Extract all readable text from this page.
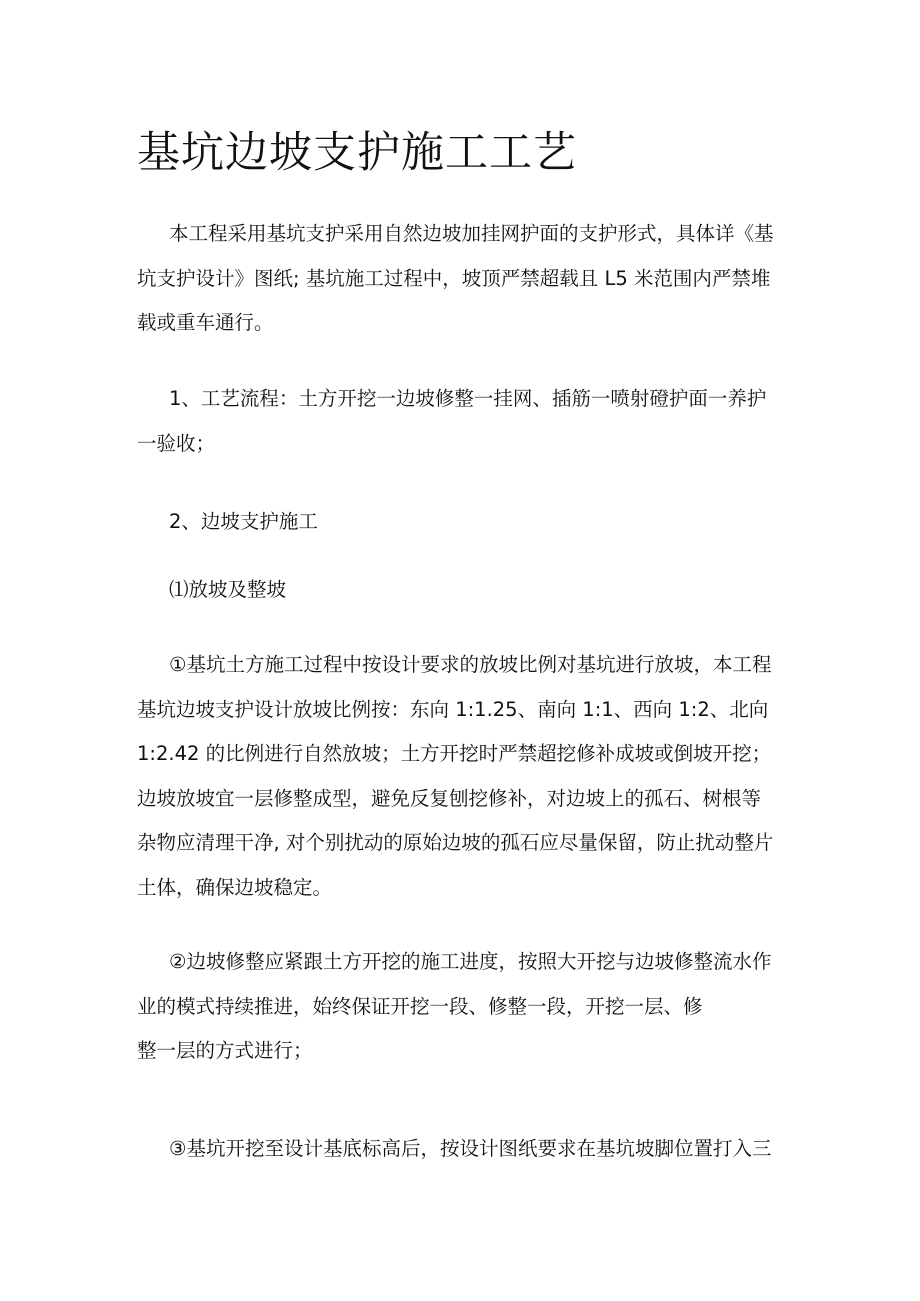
基坑边坡支护施工工艺

本工程采用基坑支护采用自然边坡加挂网护面的支护形式，具体详《基
坑支护设计》图纸; 基坑施工过程中，坡顶严禁超载且 L5 米范围内严禁堆
载或重车通行。

1、工艺流程：土方开挖一边坡修整一挂网、插筋一喷射磴护面一养护
一验收；

2、边坡支护施工

⑴放坡及整坡

①基坑土方施工过程中按设计要求的放坡比例对基坑进行放坡，本工程
基坑边坡支护设计放坡比例按：东向 1:1.25、南向 1:1、西向 1:2、北向
1:2.42 的比例进行自然放坡；土方开挖时严禁超挖修补成坡或倒坡开挖；
边坡放坡宜一层修整成型，避免反复刨挖修补，对边坡上的孤石、树根等
杂物应清理干净, 对个别扰动的原始边坡的孤石应尽量保留，防止扰动整片
土体，确保边坡稳定。

②边坡修整应紧跟土方开挖的施工进度，按照大开挖与边坡修整流水作
业的模式持续推进，始终保证开挖一段、修整一段，开挖一层、修
整一层的方式进行；

③基坑开挖至设计基底标高后，按设计图纸要求在基坑坡脚位置打入三
